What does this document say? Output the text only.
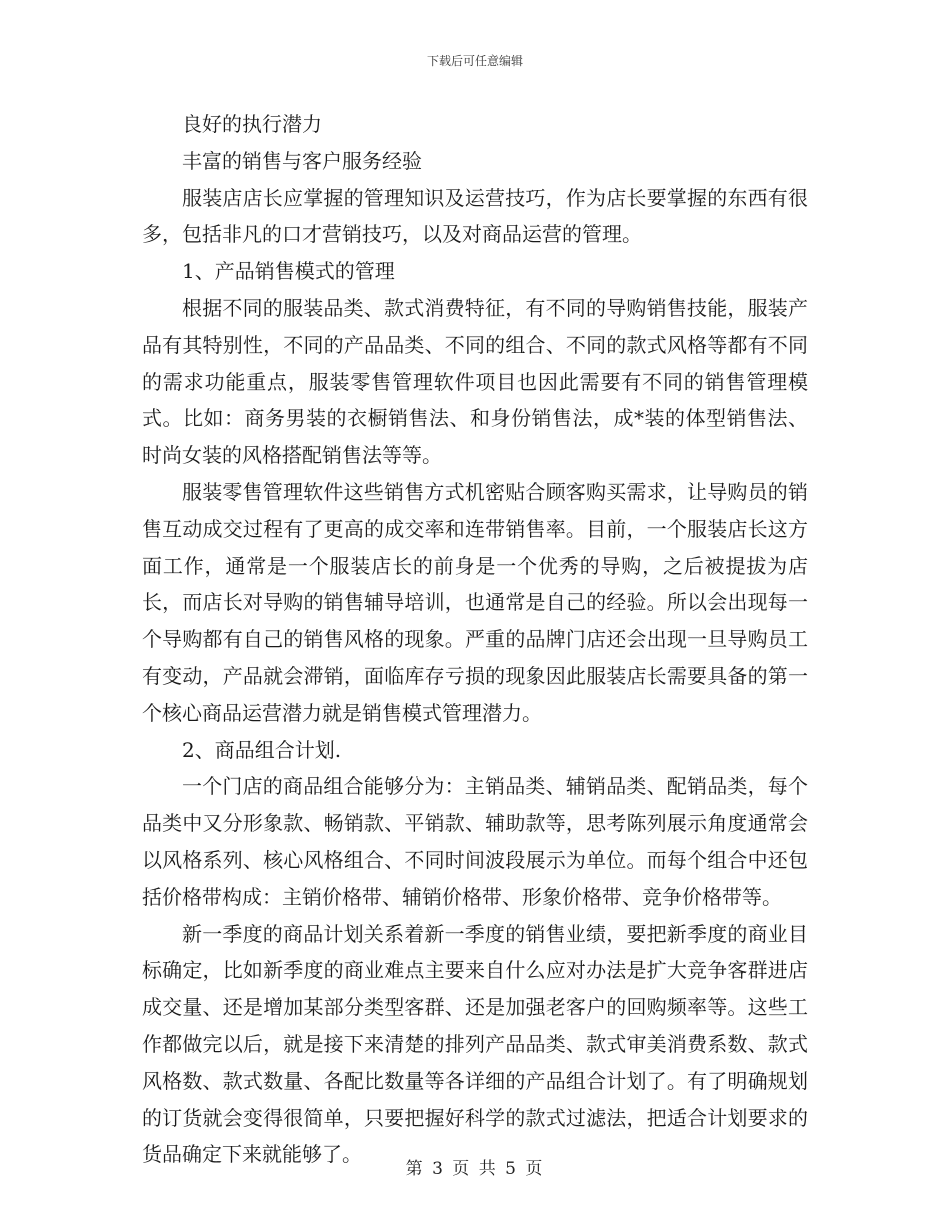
下载后可任意编辑

良好的执行潜力

丰富的销售与客户服务经验

服装店店长应掌握的管理知识及运营技巧，作为店长要掌握的东西有很多，包括非凡的口才营销技巧，以及对商品运营的管理。

1、产品销售模式的管理

根据不同的服装品类、款式消费特征，有不同的导购销售技能，服装产品有其特别性，不同的产品品类、不同的组合、不同的款式风格等都有不同的需求功能重点，服装零售管理软件项目也因此需要有不同的销售管理模式。比如：商务男装的衣橱销售法、和身份销售法，成*装的体型销售法、时尚女装的风格搭配销售法等等。

服装零售管理软件这些销售方式机密贴合顾客购买需求，让导购员的销售互动成交过程有了更高的成交率和连带销售率。目前，一个服装店长这方面工作，通常是一个服装店长的前身是一个优秀的导购，之后被提拔为店长，而店长对导购的销售辅导培训，也通常是自己的经验。所以会出现每一个导购都有自己的销售风格的现象。严重的品牌门店还会出现一旦导购员工有变动，产品就会滞销，面临库存亏损的现象因此服装店长需要具备的第一个核心商品运营潜力就是销售模式管理潜力。

2、商品组合计划.

一个门店的商品组合能够分为：主销品类、辅销品类、配销品类，每个品类中又分形象款、畅销款、平销款、辅助款等，思考陈列展示角度通常会以风格系列、核心风格组合、不同时间波段展示为单位。而每个组合中还包括价格带构成：主销价格带、辅销价格带、形象价格带、竞争价格带等。

新一季度的商品计划关系着新一季度的销售业绩，要把新季度的商业目标确定，比如新季度的商业难点主要来自什么应对办法是扩大竞争客群进店成交量、还是增加某部分类型客群、还是加强老客户的回购频率等。这些工作都做完以后，就是接下来清楚的排列产品品类、款式审美消费系数、款式风格数、款式数量、各配比数量等各详细的产品组合计划了。有了明确规划的订货就会变得很简单，只要把握好科学的款式过滤法，把适合计划要求的货品确定下来就能够了。

第 3 页 共 5 页
